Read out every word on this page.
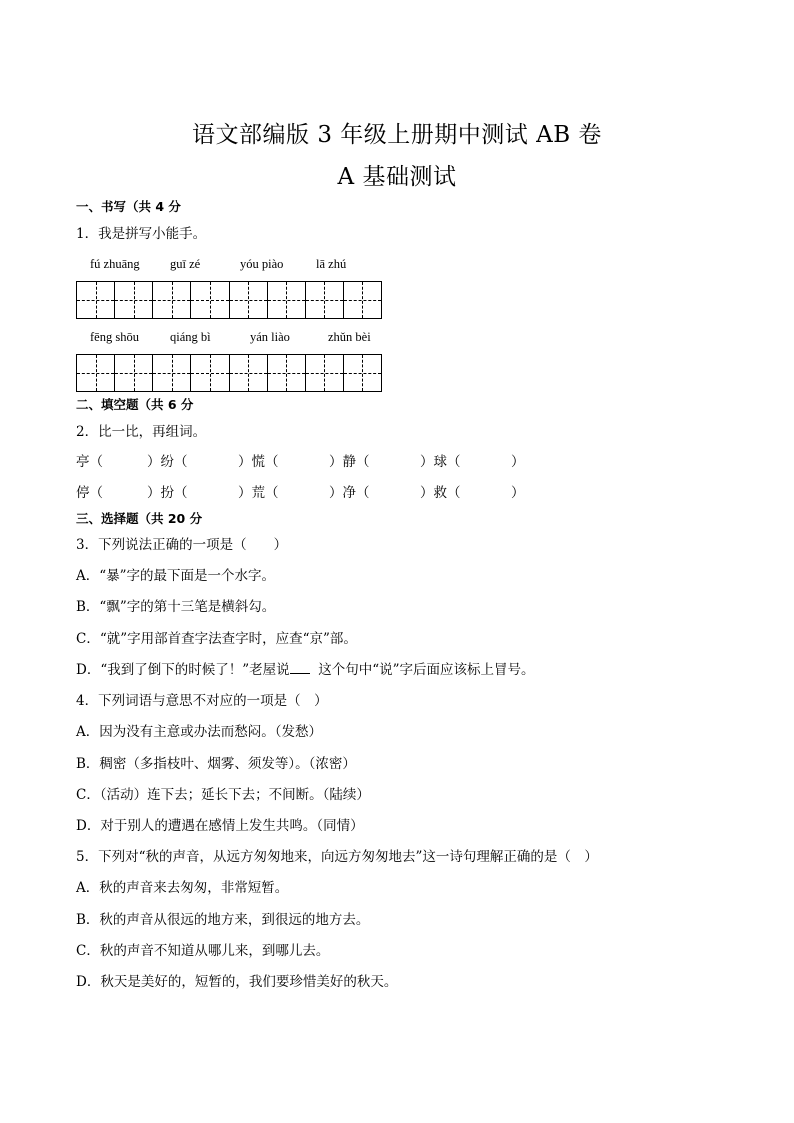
语文部编版 3 年级上册期中测试 AB 卷
A 基础测试
一、书写（共 4 分
1．我是拼写小能手。
fú zhuāng guī zé	yóu piào	lā zhú
fēng shōu qiáng bì	yán liào	zhǔn bèi
二、填空题（共 6 分
2．比一比，再组词。
亭（	）纷（	）慌（	）静（	）球（	）
停（	）扮（	）荒（	）净（	）救（	）
三、选择题（共 20 分
3．下列说法正确的一项是（　　）
A．“暴”字的最下面是一个水字。
B．“飘”字的第十三笔是横斜勾。
C．“就”字用部首查字法查字时，应查“京”部。
D．“我到了倒下的时候了！”老屋说 这个句中“说”字后面应该标上冒号。
4．下列词语与意思不对应的一项是（　）
A．因为没有主意或办法而愁闷。（发愁）
B．稠密（多指枝叶、烟雾、须发等）。（浓密）
C．（活动）连下去；延长下去；不间断。（陆续）
D．对于别人的遭遇在感情上发生共鸣。（同情）
5．下列对“秋的声音，从远方匆匆地来，向远方匆匆地去”这一诗句理解正确的是（　）
A．秋的声音来去匆匆，非常短暂。
B．秋的声音从很远的地方来，到很远的地方去。
C．秋的声音不知道从哪儿来，到哪儿去。
D．秋天是美好的，短暂的，我们要珍惜美好的秋天。
